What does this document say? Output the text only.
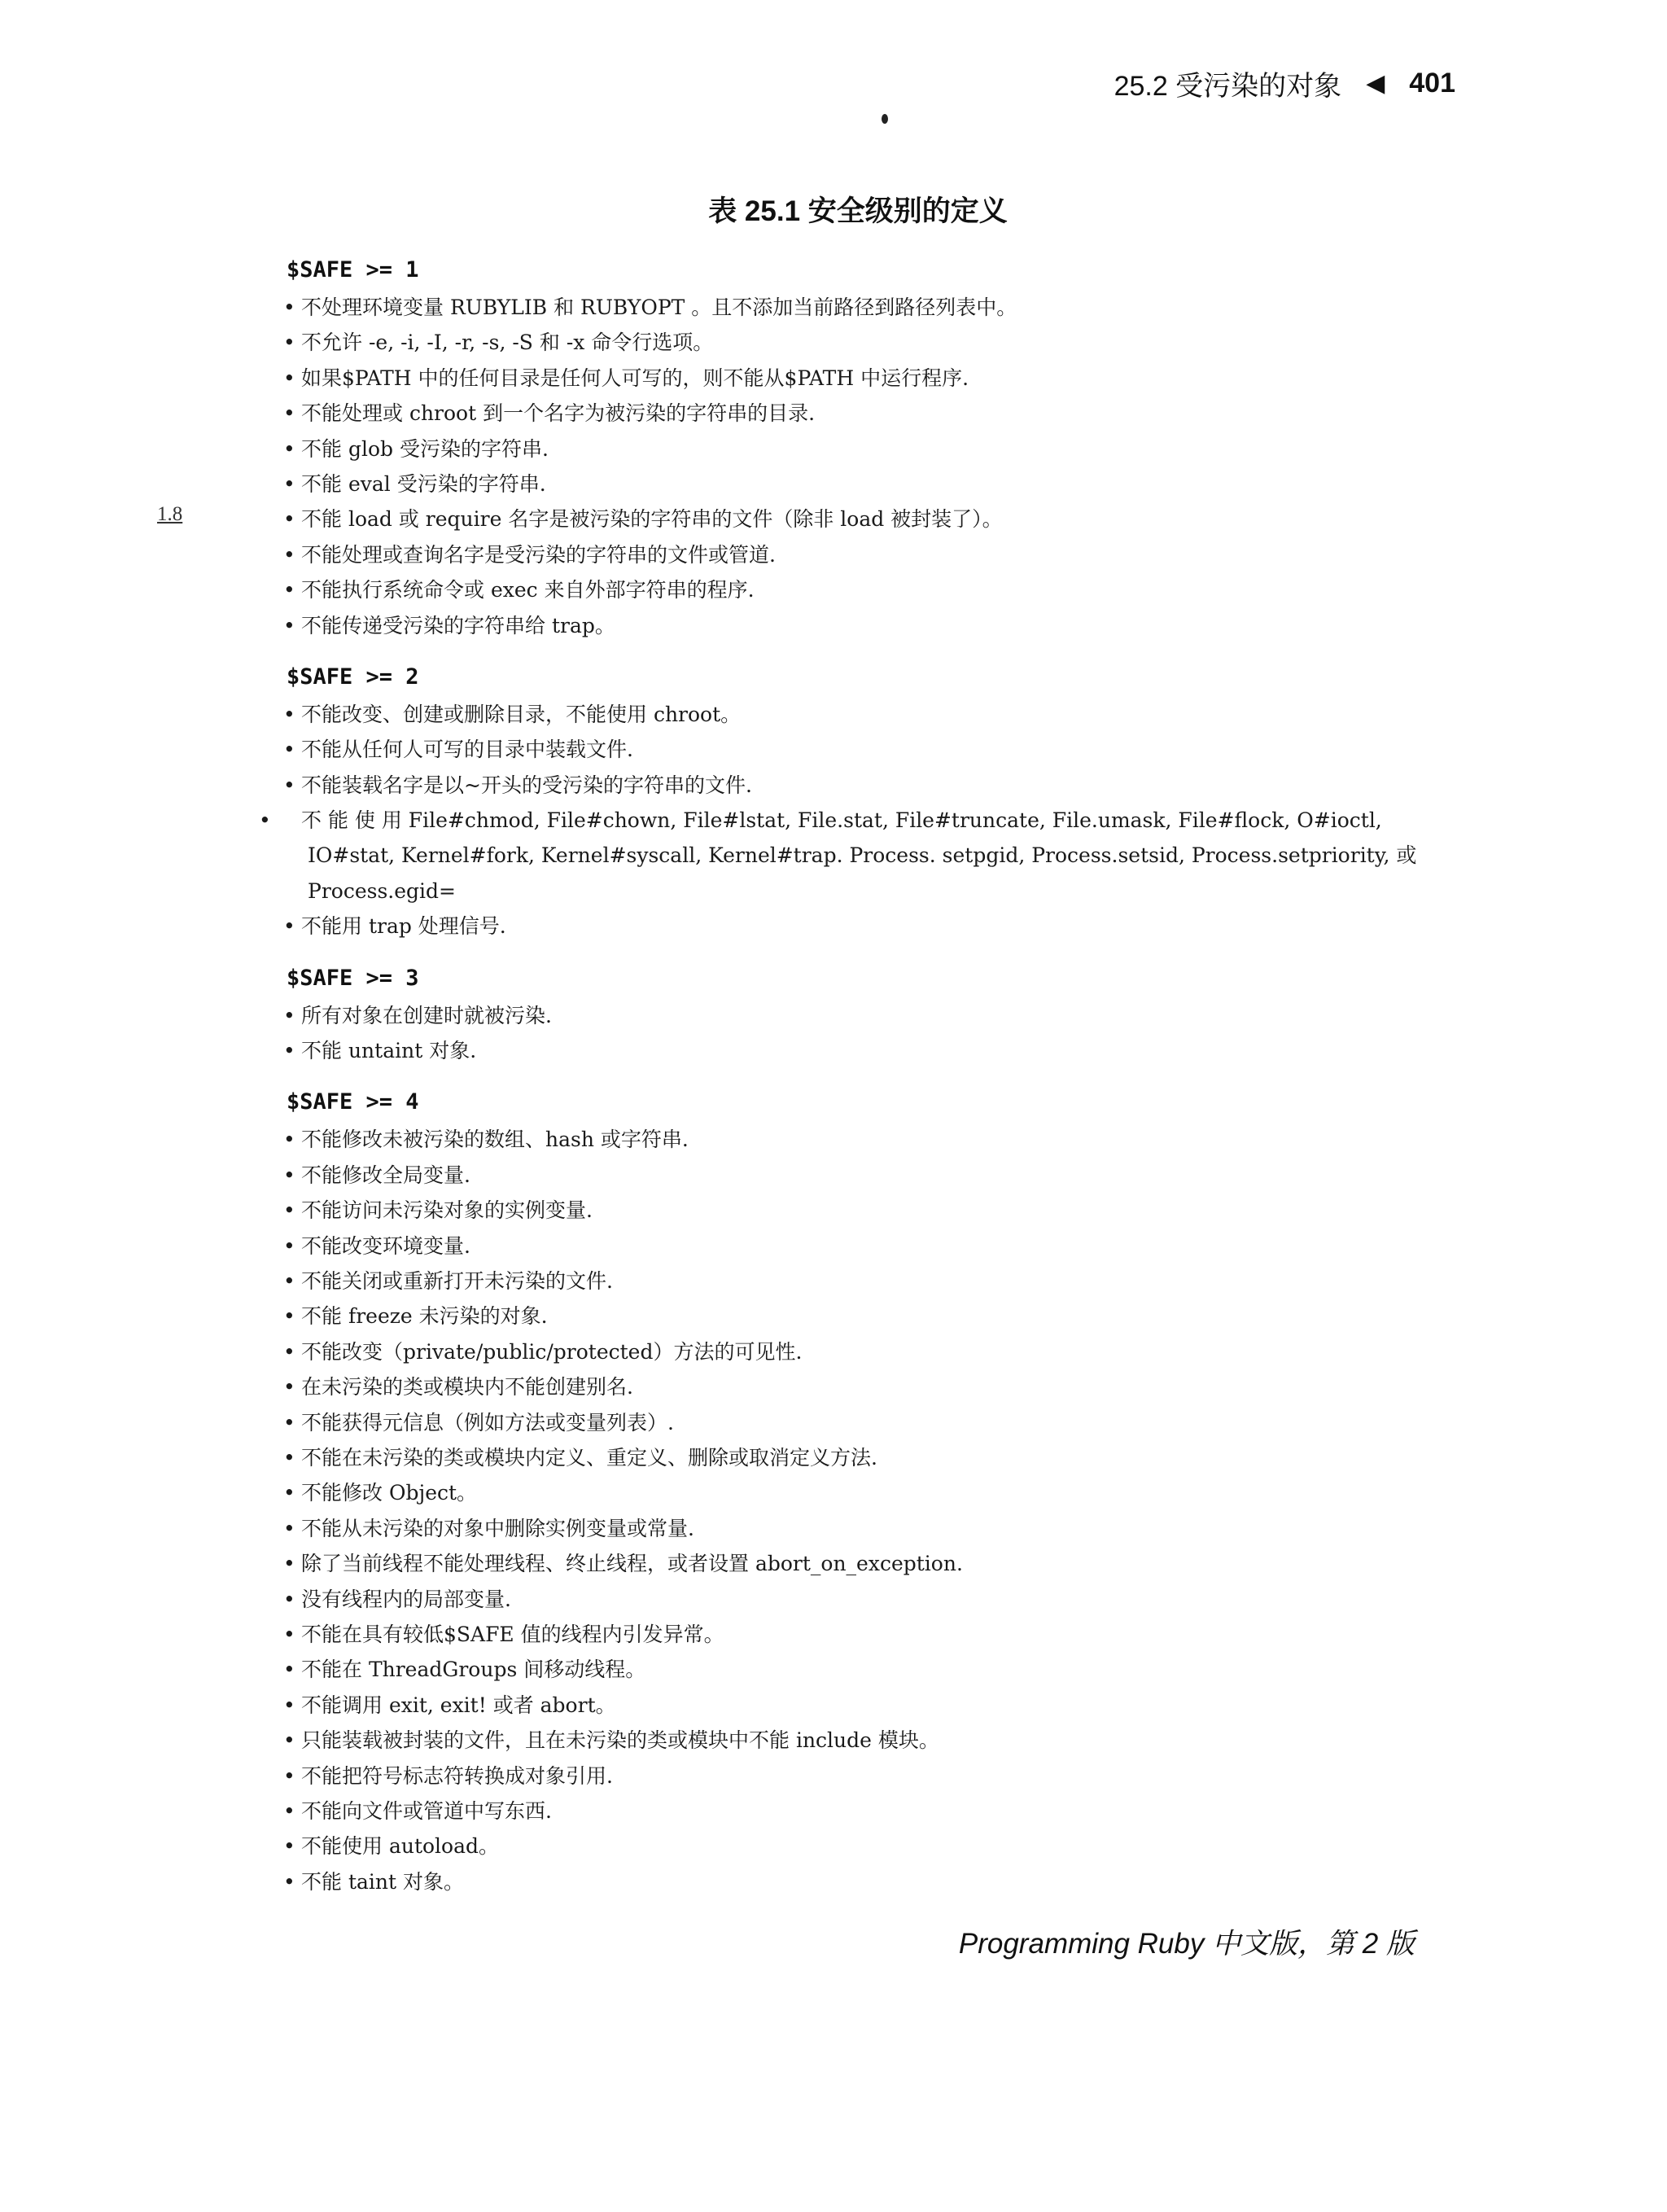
25.2 受污染的对象 ◀ 401
表 25.1 安全级别的定义
1.8
$SAFE >= 1
• 不处理环境变量 RUBYLIB 和 RUBYOPT 。且不添加当前路径到路径列表中。
• 不允许 -e, -i, -I, -r, -s, -S 和 -x 命令行选项。
• 如果$PATH 中的任何目录是任何人可写的，则不能从$PATH 中运行程序.
• 不能处理或 chroot 到一个名字为被污染的字符串的目录.
• 不能 glob 受污染的字符串.
• 不能 eval 受污染的字符串.
• 不能 load 或 require 名字是被污染的字符串的文件（除非 load 被封装了）。
• 不能处理或查询名字是受污染的字符串的文件或管道.
• 不能执行系统命令或 exec 来自外部字符串的程序.
• 不能传递受污染的字符串给 trap。
$SAFE >= 2
• 不能改变、创建或删除目录，不能使用 chroot。
• 不能从任何人可写的目录中装载文件.
• 不能装载名字是以~开头的受污染的字符串的文件.
• 不 能 使 用 File#chmod, File#chown, File#lstat, File.stat, File#truncate, File.umask, File#flock, O#ioctl, IO#stat, Kernel#fork, Kernel#syscall, Kernel#trap. Process. setpgid, Process.setsid, Process.setpriority, 或 Process.egid=
• 不能用 trap 处理信号.
$SAFE >= 3
• 所有对象在创建时就被污染.
• 不能 untaint 对象.
$SAFE >= 4
• 不能修改未被污染的数组、hash 或字符串.
• 不能修改全局变量.
• 不能访问未污染对象的实例变量.
• 不能改变环境变量.
• 不能关闭或重新打开未污染的文件.
• 不能 freeze 未污染的对象.
• 不能改变（private/public/protected）方法的可见性.
• 在未污染的类或模块内不能创建别名.
• 不能获得元信息（例如方法或变量列表）.
• 不能在未污染的类或模块内定义、重定义、删除或取消定义方法.
• 不能修改 Object。
• 不能从未污染的对象中删除实例变量或常量.
• 除了当前线程不能处理线程、终止线程，或者设置 abort_on_exception.
• 没有线程内的局部变量.
• 不能在具有较低$SAFE 值的线程内引发异常。
• 不能在 ThreadGroups 间移动线程。
• 不能调用 exit, exit! 或者 abort。
• 只能装载被封装的文件，且在未污染的类或模块中不能 include 模块。
• 不能把符号标志符转换成对象引用.
• 不能向文件或管道中写东西.
• 不能使用 autoload。
• 不能 taint 对象。
Programming Ruby 中文版，第 2 版
